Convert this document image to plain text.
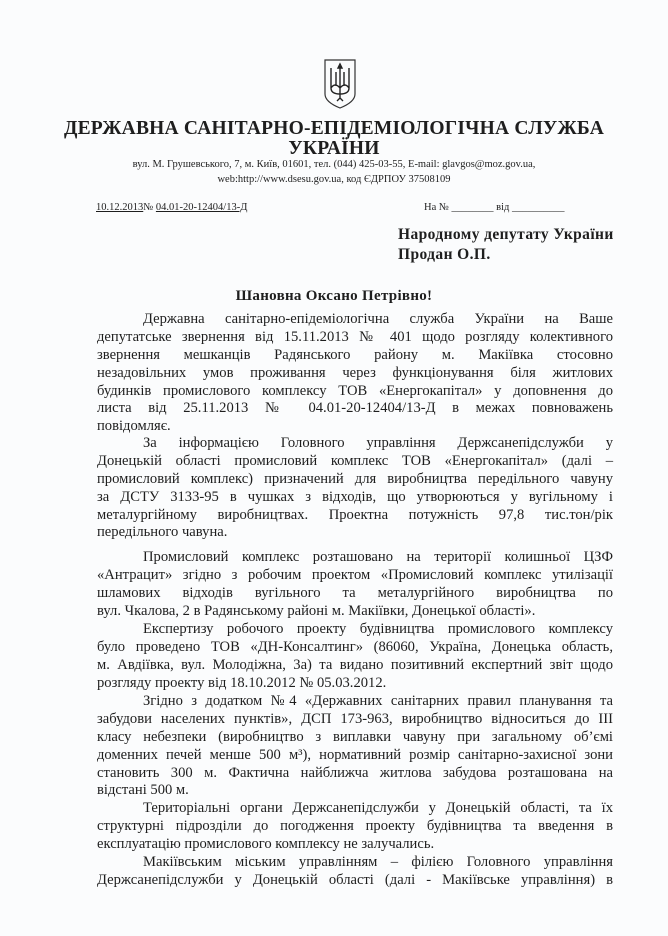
ДЕРЖАВНА САНІТАРНО-ЕПІДЕМІОЛОГІЧНА СЛУЖБА
УКРАЇНИ
вул. М. Грушевського, 7, м. Київ, 01601, тел. (044) 425-03-55, E-mail: glavgos@moz.gov.ua,
web:http://www.dsesu.gov.ua, код ЄДРПОУ 37508109
10.12.2013№ 04.01-20-12404/13-Д	На № ________ від __________
Народному депутату України
Продан О.П.
Шановна Оксано Петрівно!
Державна санітарно-епідеміологічна служба України на Ваше
депутатське звернення від 15.11.2013 № 401 щодо розгляду колективного
звернення мешканців Радянського району м. Макіївка стосовно
незадовільних умов проживання через функціонування біля житлових
будинків промислового комплексу ТОВ «Енергокапітал» у доповнення до
листа від 25.11.2013 № 04.01-20-12404/13-Д в межах повноважень
повідомляє.
За інформацією Головного управління Держсанепідслужби у
Донецькій області промисловий комплекс ТОВ «Енергокапітал» (далі –
промисловий комплекс) призначений для виробництва передільного чавуну
за ДСТУ 3133-95 в чушках з відходів, що утворюються у вугільному і
металургійному виробництвах. Проектна потужність 97,8 тис.тон/рік
передільного чавуна.
Промисловий комплекс розташовано на території колишньої ЦЗФ
«Антрацит» згідно з робочим проектом «Промисловий комплекс утилізації
шламових відходів вугільного та металургійного виробництва по
вул. Чкалова, 2 в Радянському районі м. Макіївки, Донецької області».
Експертизу робочого проекту будівництва промислового комплексу
було проведено ТОВ «ДН-Консалтинг» (86060, Україна, Донецька область,
м. Авдіївка, вул. Молодіжна, 3а) та видано позитивний експертний звіт щодо
розгляду проекту від 18.10.2012 № 05.03.2012.
Згідно з додатком №4 «Державних санітарних правил планування та
забудови населених пунктів», ДСП 173-963, виробництво відноситься до ІІІ
класу небезпеки (виробництво з виплавки чавуну при загальному об’ємі
доменних печей менше 500 м³), нормативний розмір санітарно-захисної зони
становить 300 м. Фактична найближча житлова забудова розташована на
відстані 500 м.
Територіальні органи Держсанепідслужби у Донецькій області, та їх
структурні підрозділи до погодження проекту будівництва та введення в
експлуатацію промислового комплексу не залучались.
Макіївським міським управлінням – філією Головного управління
Держсанепідслужби у Донецькій області (далі - Макіївське управління) в
